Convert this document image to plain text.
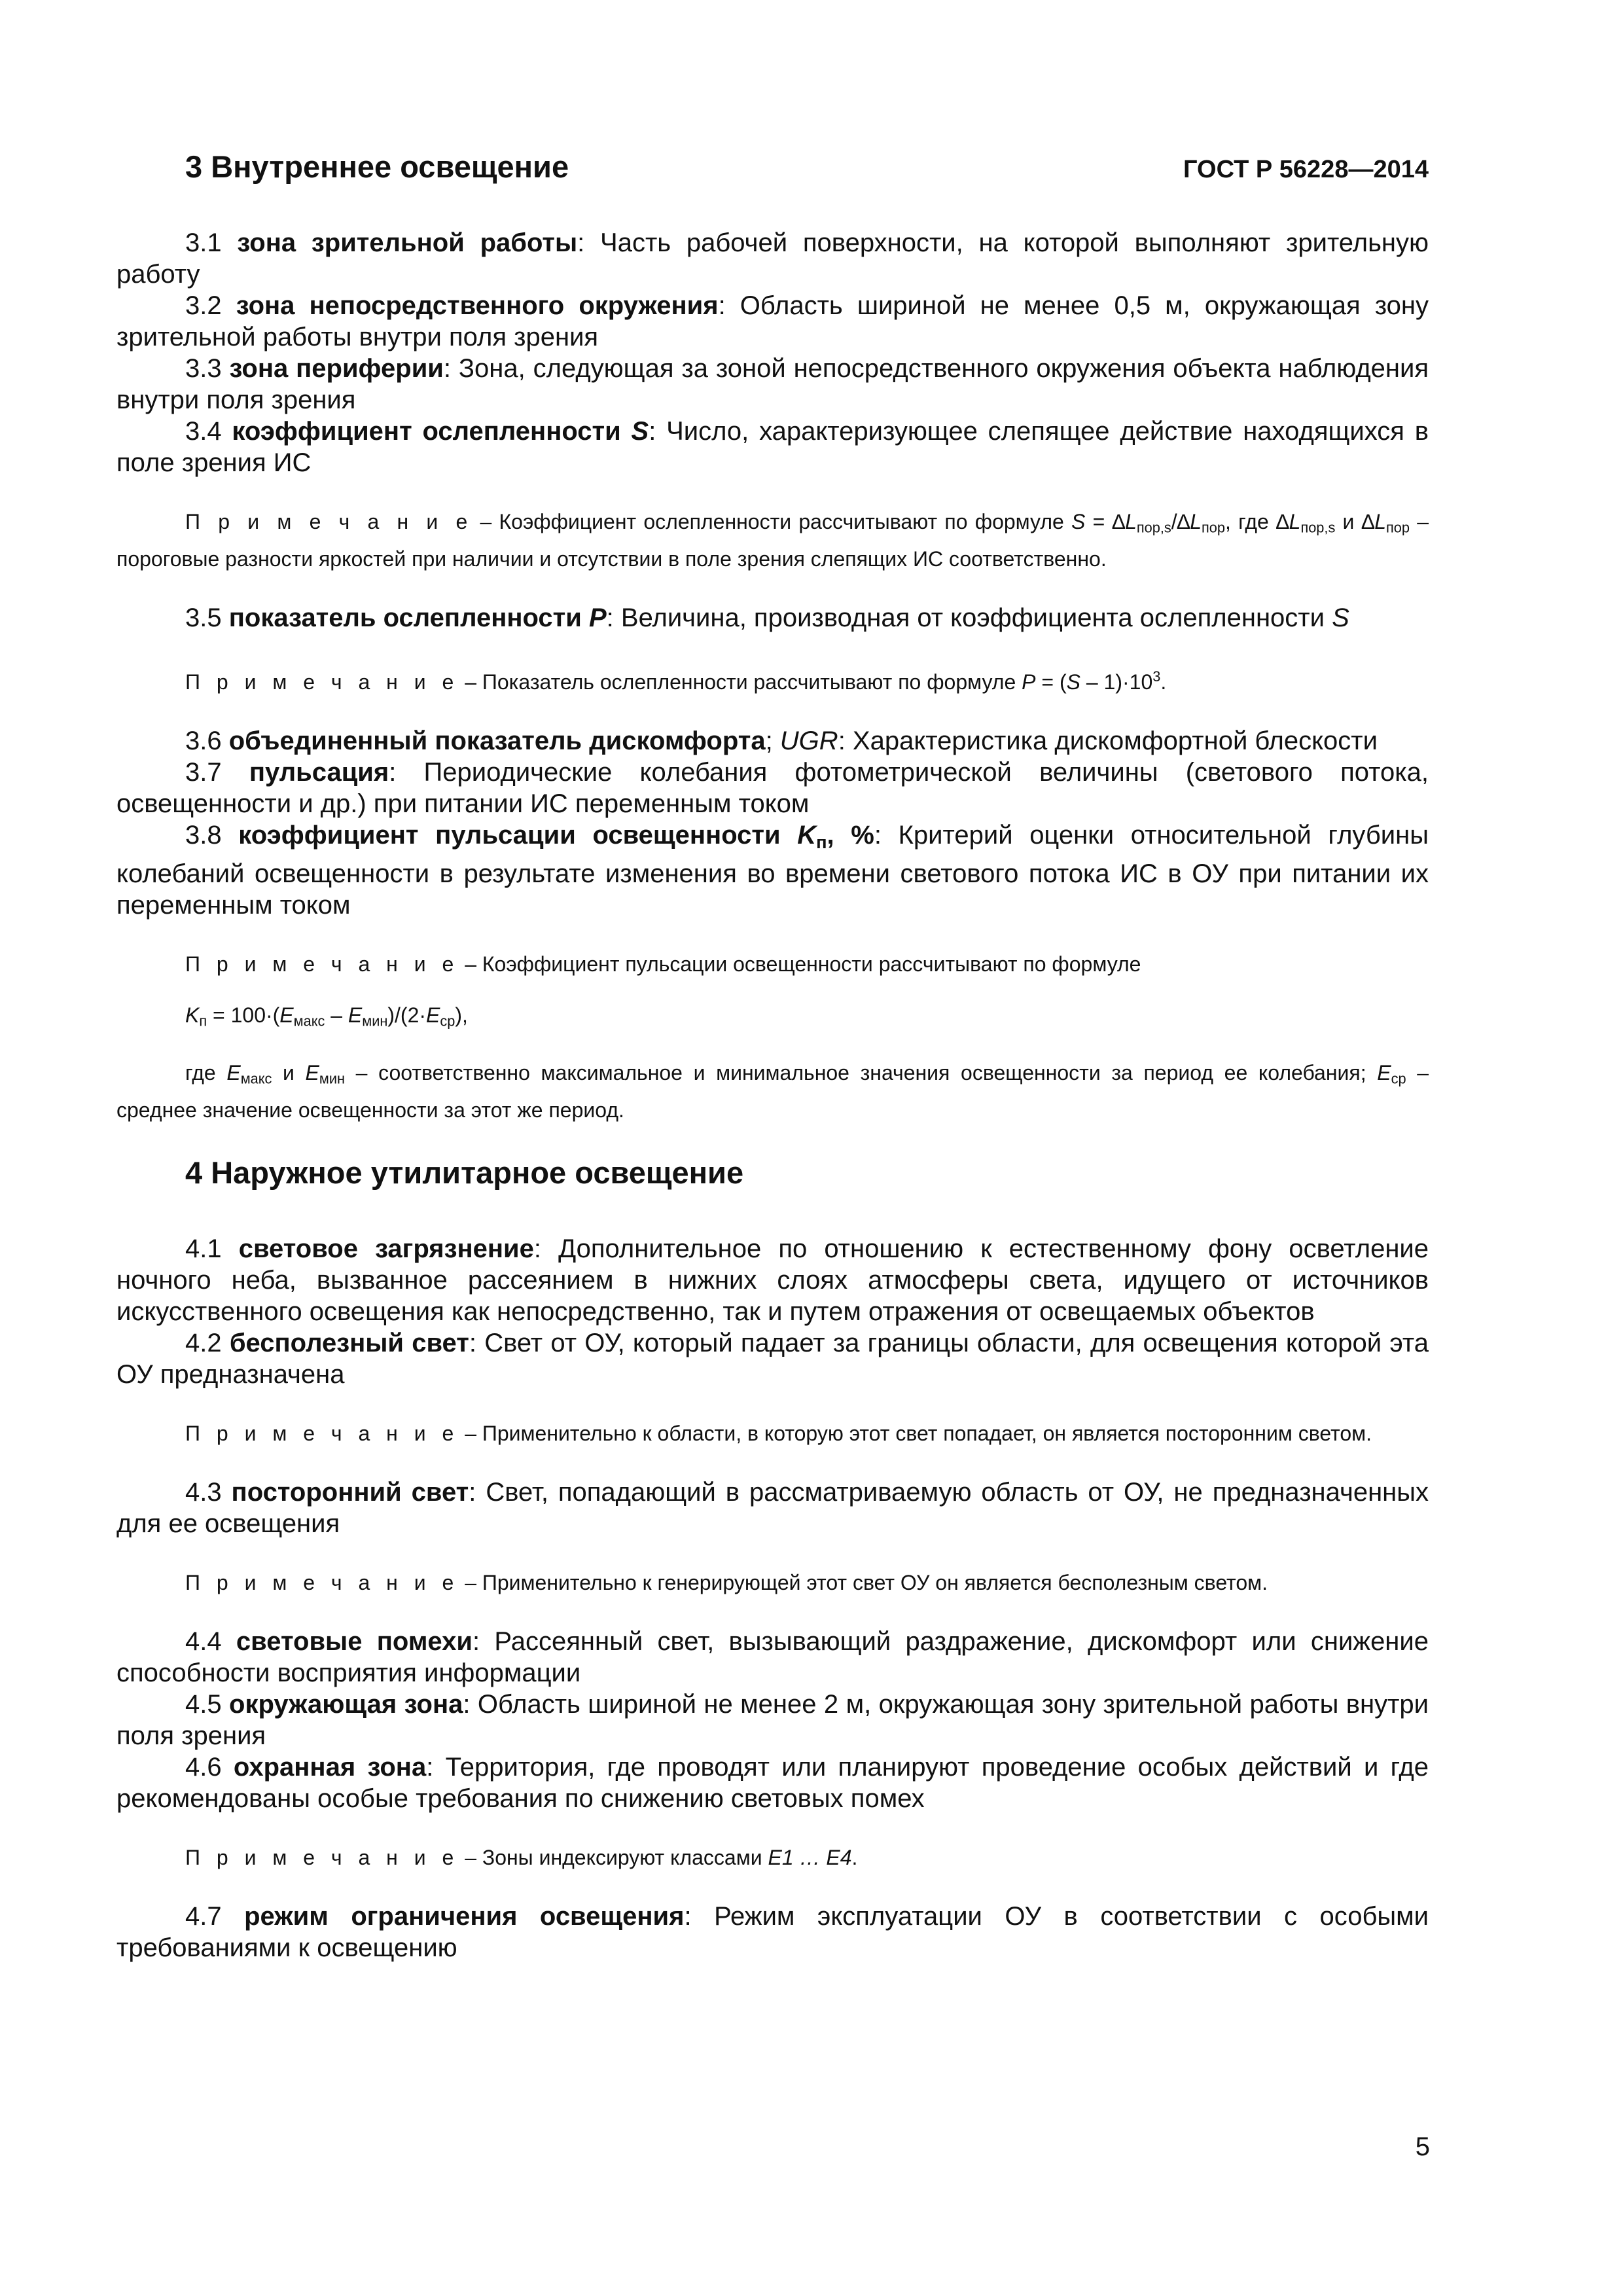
ГОСТ Р 56228—2014
3 Внутреннее освещение

3.1 зона зрительной работы: Часть рабочей поверхности, на которой выполняют зрительную работу

3.2 зона непосредственного окружения: Область шириной не менее 0,5 м, окружающая зону зрительной работы внутри поля зрения

3.3 зона периферии: Зона, следующая за зоной непосредственного окружения объекта наблюдения внутри поля зрения

3.4 коэффициент ослепленности S: Число, характеризующее слепящее действие находящихся в поле зрения ИС

П р и м е ч а н и е – Коэффициент ослепленности рассчитывают по формуле $S = \Delta L_{пор,s}/\Delta L_{пор}$, где $\Delta L_{пор,s}$ и $\Delta L_{пор}$ – пороговые разности яркостей при наличии и отсутствии в поле зрения слепящих ИС соответственно.

3.5 показатель ослепленности P: Величина, производная от коэффициента ослепленности S

П р и м е ч а н и е – Показатель ослепленности рассчитывают по формуле $P = (S - 1)\cdot 10^3$.

3.6 объединенный показатель дискомфорта; UGR: Характеристика дискомфортной блескости

3.7 пульсация: Периодические колебания фотометрической величины (светового потока, освещенности и др.) при питании ИС переменным током

3.8 коэффициент пульсации освещенности $K_п$, %: Критерий оценки относительной глубины колебаний освещенности в результате изменения во времени светового потока ИС в ОУ при питании их переменным током

П р и м е ч а н и е – Коэффициент пульсации освещенности рассчитывают по формуле

$K_п = 100\cdot(E_{макс} - E_{мин})/(2\cdot E_{ср})$,

где $E_{макс}$ и $E_{мин}$ – соответственно максимальное и минимальное значения освещенности за период ее колебания; $E_{ср}$ – среднее значение освещенности за этот же период.

4 Наружное утилитарное освещение

4.1 световое загрязнение: Дополнительное по отношению к естественному фону осветление ночного неба, вызванное рассеянием в нижних слоях атмосферы света, идущего от источников искусственного освещения как непосредственно, так и путем отражения от освещаемых объектов

4.2 бесполезный свет: Свет от ОУ, который падает за границы области, для освещения которой эта ОУ предназначена

П р и м е ч а н и е – Применительно к области, в которую этот свет попадает, он является посторонним светом.

4.3 посторонний свет: Свет, попадающий в рассматриваемую область от ОУ, не предназначенных для ее освещения

П р и м е ч а н и е – Применительно к генерирующей этот свет ОУ он является бесполезным светом.

4.4 световые помехи: Рассеянный свет, вызывающий раздражение, дискомфорт или снижение способности восприятия информации

4.5 окружающая зона: Область шириной не менее 2 м, окружающая зону зрительной работы внутри поля зрения

4.6 охранная зона: Территория, где проводят или планируют проведение особых действий и где рекомендованы особые требования по снижению световых помех

П р и м е ч а н и е – Зоны индексируют классами E1 … E4.

4.7 режим ограничения освещения: Режим эксплуатации ОУ в соответствии с особыми требованиями к освещению

5
